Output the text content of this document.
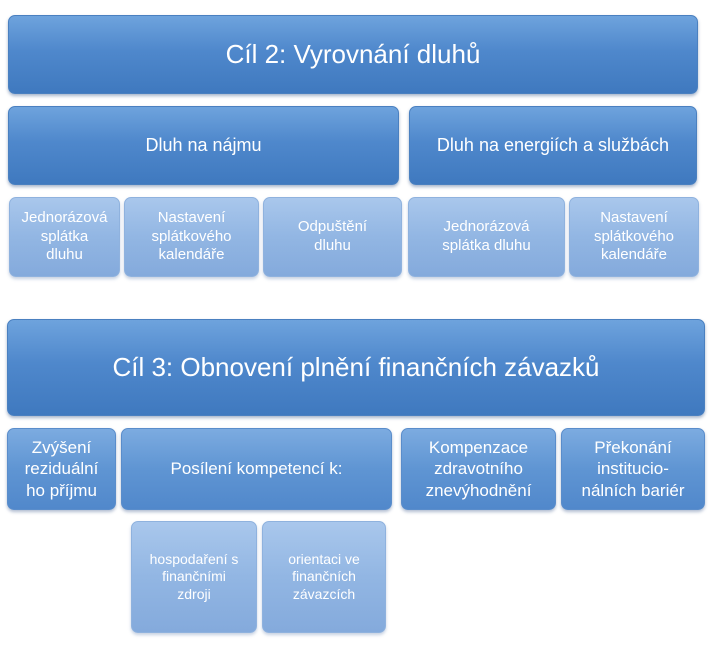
Cíl 2: Vyrovnání dluhů
Dluh na nájmu	Dluh na energiích a službách
Jednorázová
splátka
dluhu
Nastavení
splátkového
kalendáře
Odpuštění
dluhu
Jednorázová
splátka dluhu
Nastavení
splátkového
kalendáře
Cíl 3: Obnovení plnění finančních závazků
Zvýšení
reziduální
ho příjmu
Posílení kompetencí k:
Kompenzace
zdravotního
znevýhodnění
Překonání
institucio-
nálních bariér
hospodaření s
finančními
zdroji
orientaci ve
finančních
závazcích
